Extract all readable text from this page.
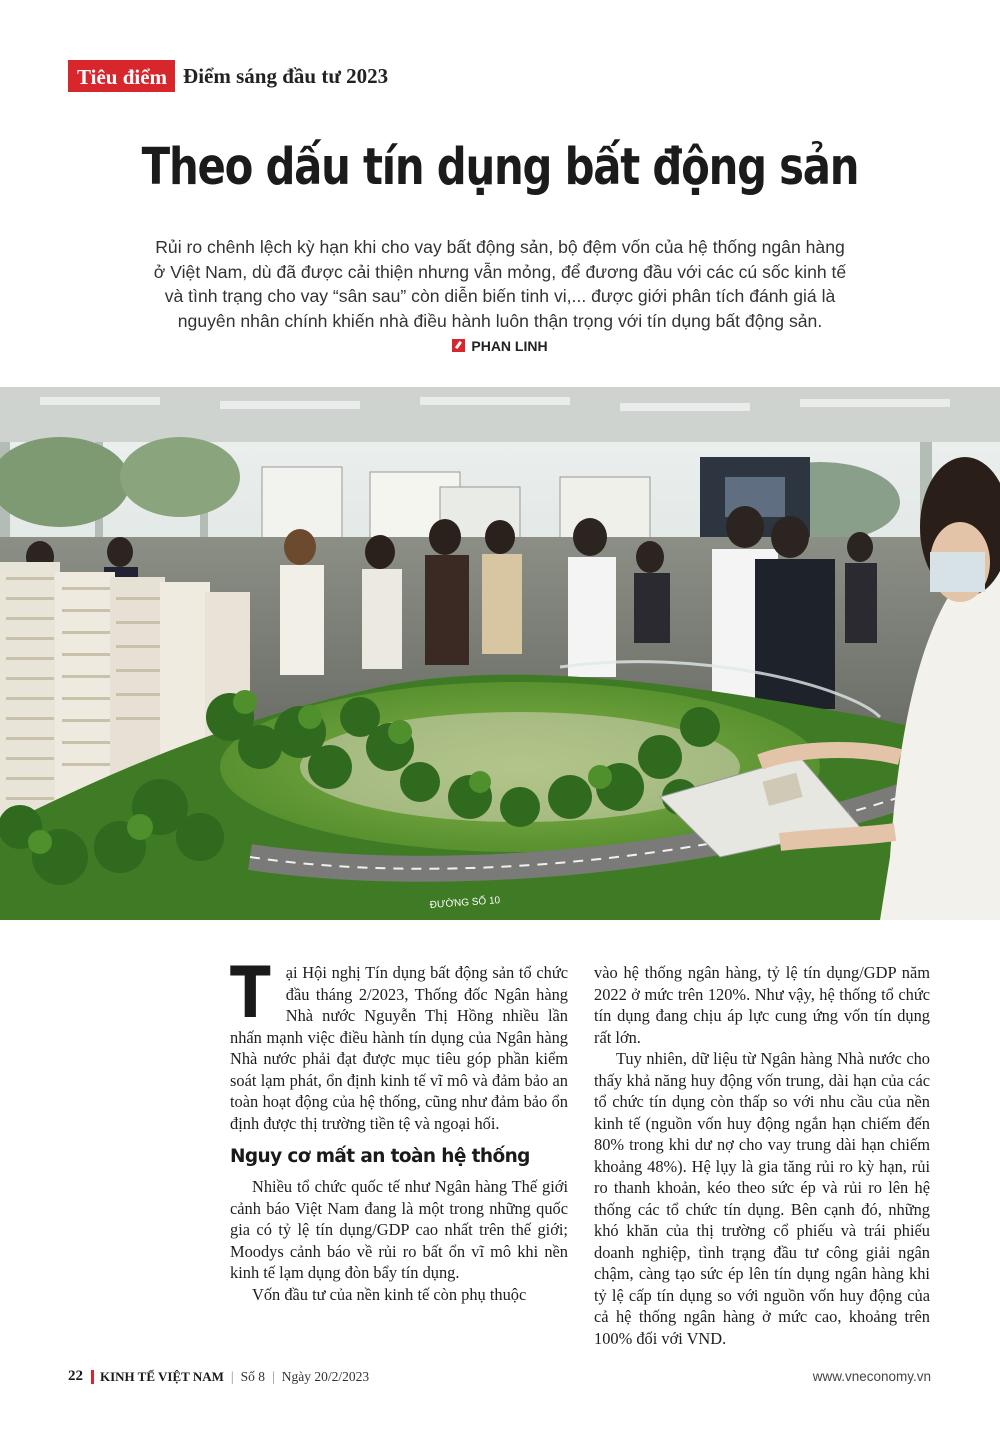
Tiêu điểm Điểm sáng đầu tư 2023
Theo dấu tín dụng bất động sản

Rủi ro chênh lệch kỳ hạn khi cho vay bất động sản, bộ đệm vốn của hệ thống ngân hàng ở Việt Nam, dù đã được cải thiện nhưng vẫn mỏng, để đương đầu với các cú sốc kinh tế và tình trạng cho vay “sân sau” còn diễn biến tinh vi,... được giới phân tích đánh giá là nguyên nhân chính khiến nhà điều hành luôn thận trọng với tín dụng bất động sản.

PHAN LINH
ĐƯỜNG SỐ 10

Tại Hội nghị Tín dụng bất động sản tổ chức đầu tháng 2/2023, Thống đốc Ngân hàng Nhà nước Nguyễn Thị Hồng nhiều lần nhấn mạnh việc điều hành tín dụng của Ngân hàng Nhà nước phải đạt được mục tiêu góp phần kiểm soát lạm phát, ổn định kinh tế vĩ mô và đảm bảo an toàn hoạt động của hệ thống, cũng như đảm bảo ổn định được thị trường tiền tệ và ngoại hối.

Nguy cơ mất an toàn hệ thống

Nhiều tổ chức quốc tế như Ngân hàng Thế giới cảnh báo Việt Nam đang là một trong những quốc gia có tỷ lệ tín dụng/GDP cao nhất trên thế giới; Moodys cảnh báo về rủi ro bất ổn vĩ mô khi nền kinh tế lạm dụng đòn bẩy tín dụng.

Vốn đầu tư của nền kinh tế còn phụ thuộc

vào hệ thống ngân hàng, tỷ lệ tín dụng/GDP năm 2022 ở mức trên 120%. Như vậy, hệ thống tổ chức tín dụng đang chịu áp lực cung ứng vốn tín dụng rất lớn.

Tuy nhiên, dữ liệu từ Ngân hàng Nhà nước cho thấy khả năng huy động vốn trung, dài hạn của các tổ chức tín dụng còn thấp so với nhu cầu của nền kinh tế (nguồn vốn huy động ngắn hạn chiếm đến 80% trong khi dư nợ cho vay trung dài hạn chiếm khoảng 48%). Hệ lụy là gia tăng rủi ro kỳ hạn, rủi ro thanh khoản, kéo theo sức ép và rủi ro lên hệ thống các tổ chức tín dụng. Bên cạnh đó, những khó khăn của thị trường cổ phiếu và trái phiếu doanh nghiệp, tình trạng đầu tư công giải ngân chậm, càng tạo sức ép lên tín dụng ngân hàng khi tỷ lệ cấp tín dụng so với nguồn vốn huy động của cả hệ thống ngân hàng ở mức cao, khoảng trên 100% đối với VND.

22 KINH TẾ VIỆT NAM | Số 8 | Ngày 20/2/2023	www.vneconomy.vn
